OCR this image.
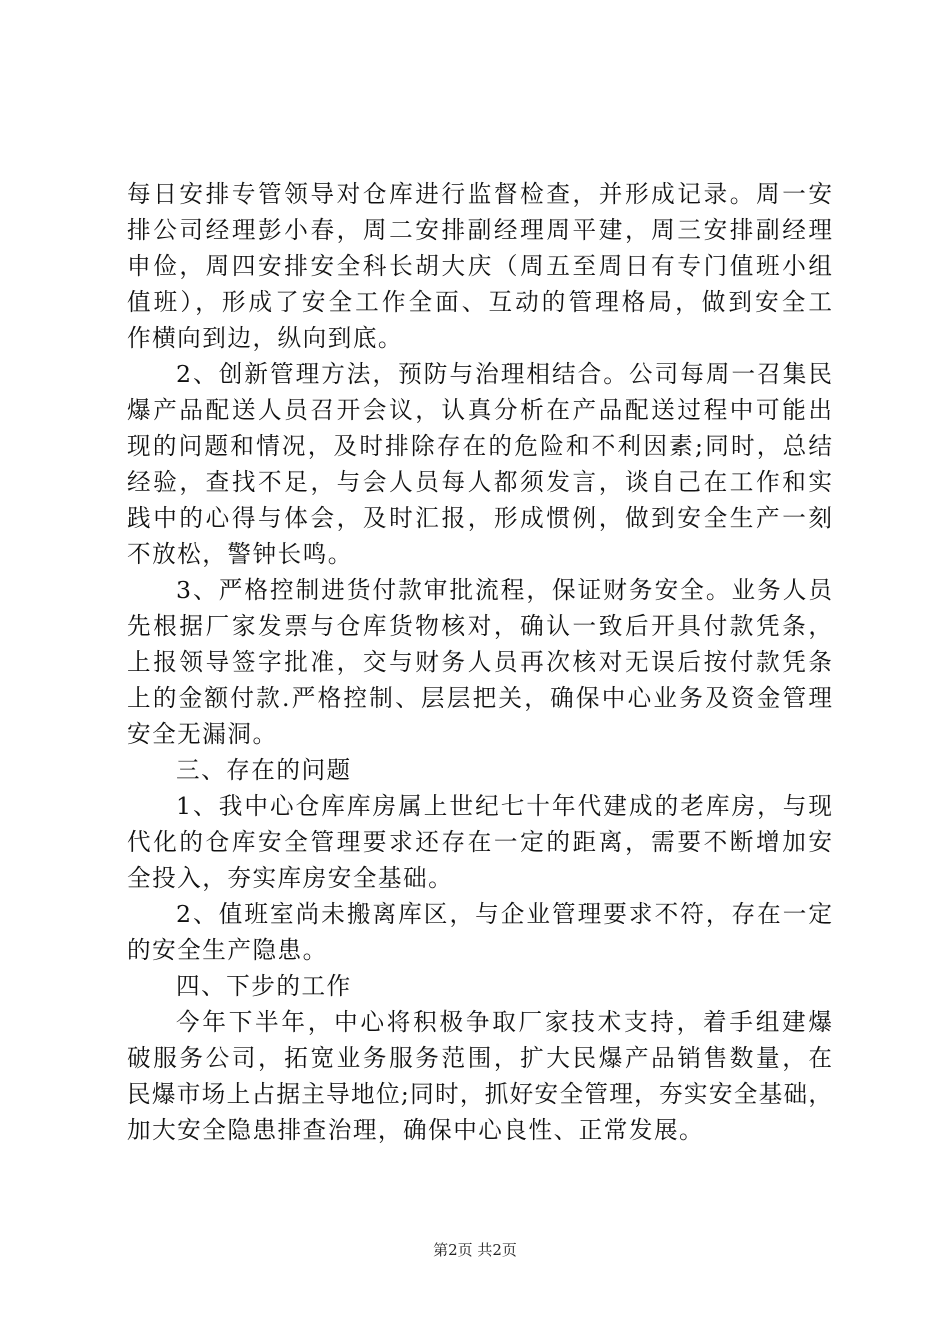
每日安排专管领导对仓库进行监督检查，并形成记录。周一安
排公司经理彭小春，周二安排副经理周平建，周三安排副经理
申俭，周四安排安全科长胡大庆（周五至周日有专门值班小组
值班），形成了安全工作全面、互动的管理格局，做到安全工
作横向到边，纵向到底。
2、创新管理方法，预防与治理相结合。公司每周一召集民
爆产品配送人员召开会议，认真分析在产品配送过程中可能出
现的问题和情况，及时排除存在的危险和不利因素;同时，总结
经验，查找不足，与会人员每人都须发言，谈自己在工作和实
践中的心得与体会，及时汇报，形成惯例，做到安全生产一刻
不放松，警钟长鸣。
3、严格控制进货付款审批流程，保证财务安全。业务人员
先根据厂家发票与仓库货物核对，确认一致后开具付款凭条，
上报领导签字批准，交与财务人员再次核对无误后按付款凭条
上的金额付款.严格控制、层层把关，确保中心业务及资金管理
安全无漏洞。
三、存在的问题
1、我中心仓库库房属上世纪七十年代建成的老库房，与现
代化的仓库安全管理要求还存在一定的距离，需要不断增加安
全投入，夯实库房安全基础。
2、值班室尚未搬离库区，与企业管理要求不符，存在一定
的安全生产隐患。
四、下步的工作
今年下半年，中心将积极争取厂家技术支持，着手组建爆
破服务公司，拓宽业务服务范围，扩大民爆产品销售数量，在
民爆市场上占据主导地位;同时，抓好安全管理，夯实安全基础，
加大安全隐患排查治理，确保中心良性、正常发展。
第2页 共2页
